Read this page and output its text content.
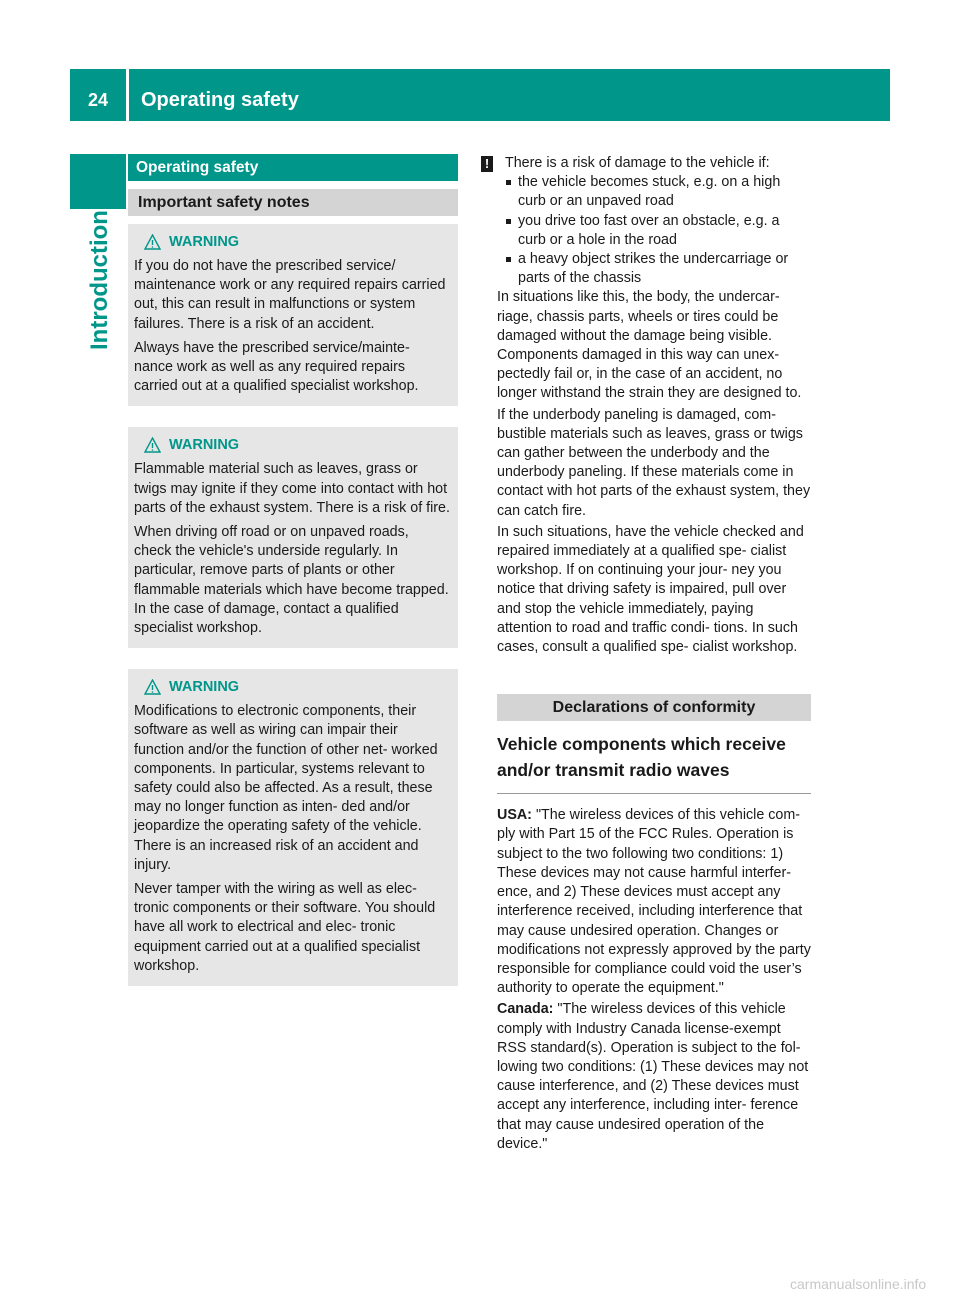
24	Operating safety
Introduction
Operating safety
Important safety notes
WARNING

If you do not have the prescribed service/ maintenance work or any required repairs carried out, this can result in malfunctions or system failures. There is a risk of an accident.

Always have the prescribed service/mainte- nance work as well as any required repairs carried out at a qualified specialist workshop.

WARNING

Flammable material such as leaves, grass or twigs may ignite if they come into contact with hot parts of the exhaust system. There is a risk of fire.

When driving off road or on unpaved roads, check the vehicle's underside regularly. In particular, remove parts of plants or other flammable materials which have become trapped. In the case of damage, contact a qualified specialist workshop.

WARNING

Modifications to electronic components, their software as well as wiring can impair their function and/or the function of other net- worked components. In particular, systems relevant to safety could also be affected. As a result, these may no longer function as inten- ded and/or jeopardize the operating safety of the vehicle. There is an increased risk of an accident and injury.

Never tamper with the wiring as well as elec- tronic components or their software. You should have all work to electrical and elec- tronic equipment carried out at a qualified specialist workshop.

! There is a risk of damage to the vehicle if:
the vehicle becomes stuck, e.g. on a high curb or an unpaved road
you drive too fast over an obstacle, e.g. a curb or a hole in the road
a heavy object strikes the undercarriage or parts of the chassis

In situations like this, the body, the undercar- riage, chassis parts, wheels or tires could be damaged without the damage being visible. Components damaged in this way can unex- pectedly fail or, in the case of an accident, no longer withstand the strain they are designed to.

If the underbody paneling is damaged, com- bustible materials such as leaves, grass or twigs can gather between the underbody and the underbody paneling. If these materials come in contact with hot parts of the exhaust system, they can catch fire.

In such situations, have the vehicle checked and repaired immediately at a qualified spe- cialist workshop. If on continuing your jour- ney you notice that driving safety is impaired, pull over and stop the vehicle immediately, paying attention to road and traffic condi- tions. In such cases, consult a qualified spe- cialist workshop.

Declarations of conformity
Vehicle components which receive and/or transmit radio waves

USA: "The wireless devices of this vehicle com- ply with Part 15 of the FCC Rules. Operation is subject to the two following two conditions: 1) These devices may not cause harmful interfer- ence, and 2) These devices must accept any interference received, including interference that may cause undesired operation. Changes or modifications not expressly approved by the party responsible for compliance could void the user’s authority to operate the equipment."

Canada: "The wireless devices of this vehicle comply with Industry Canada license-exempt RSS standard(s). Operation is subject to the fol- lowing two conditions: (1) These devices may not cause interference, and (2) These devices must accept any interference, including inter- ference that may cause undesired operation of the device."

carmanualsonline.info
